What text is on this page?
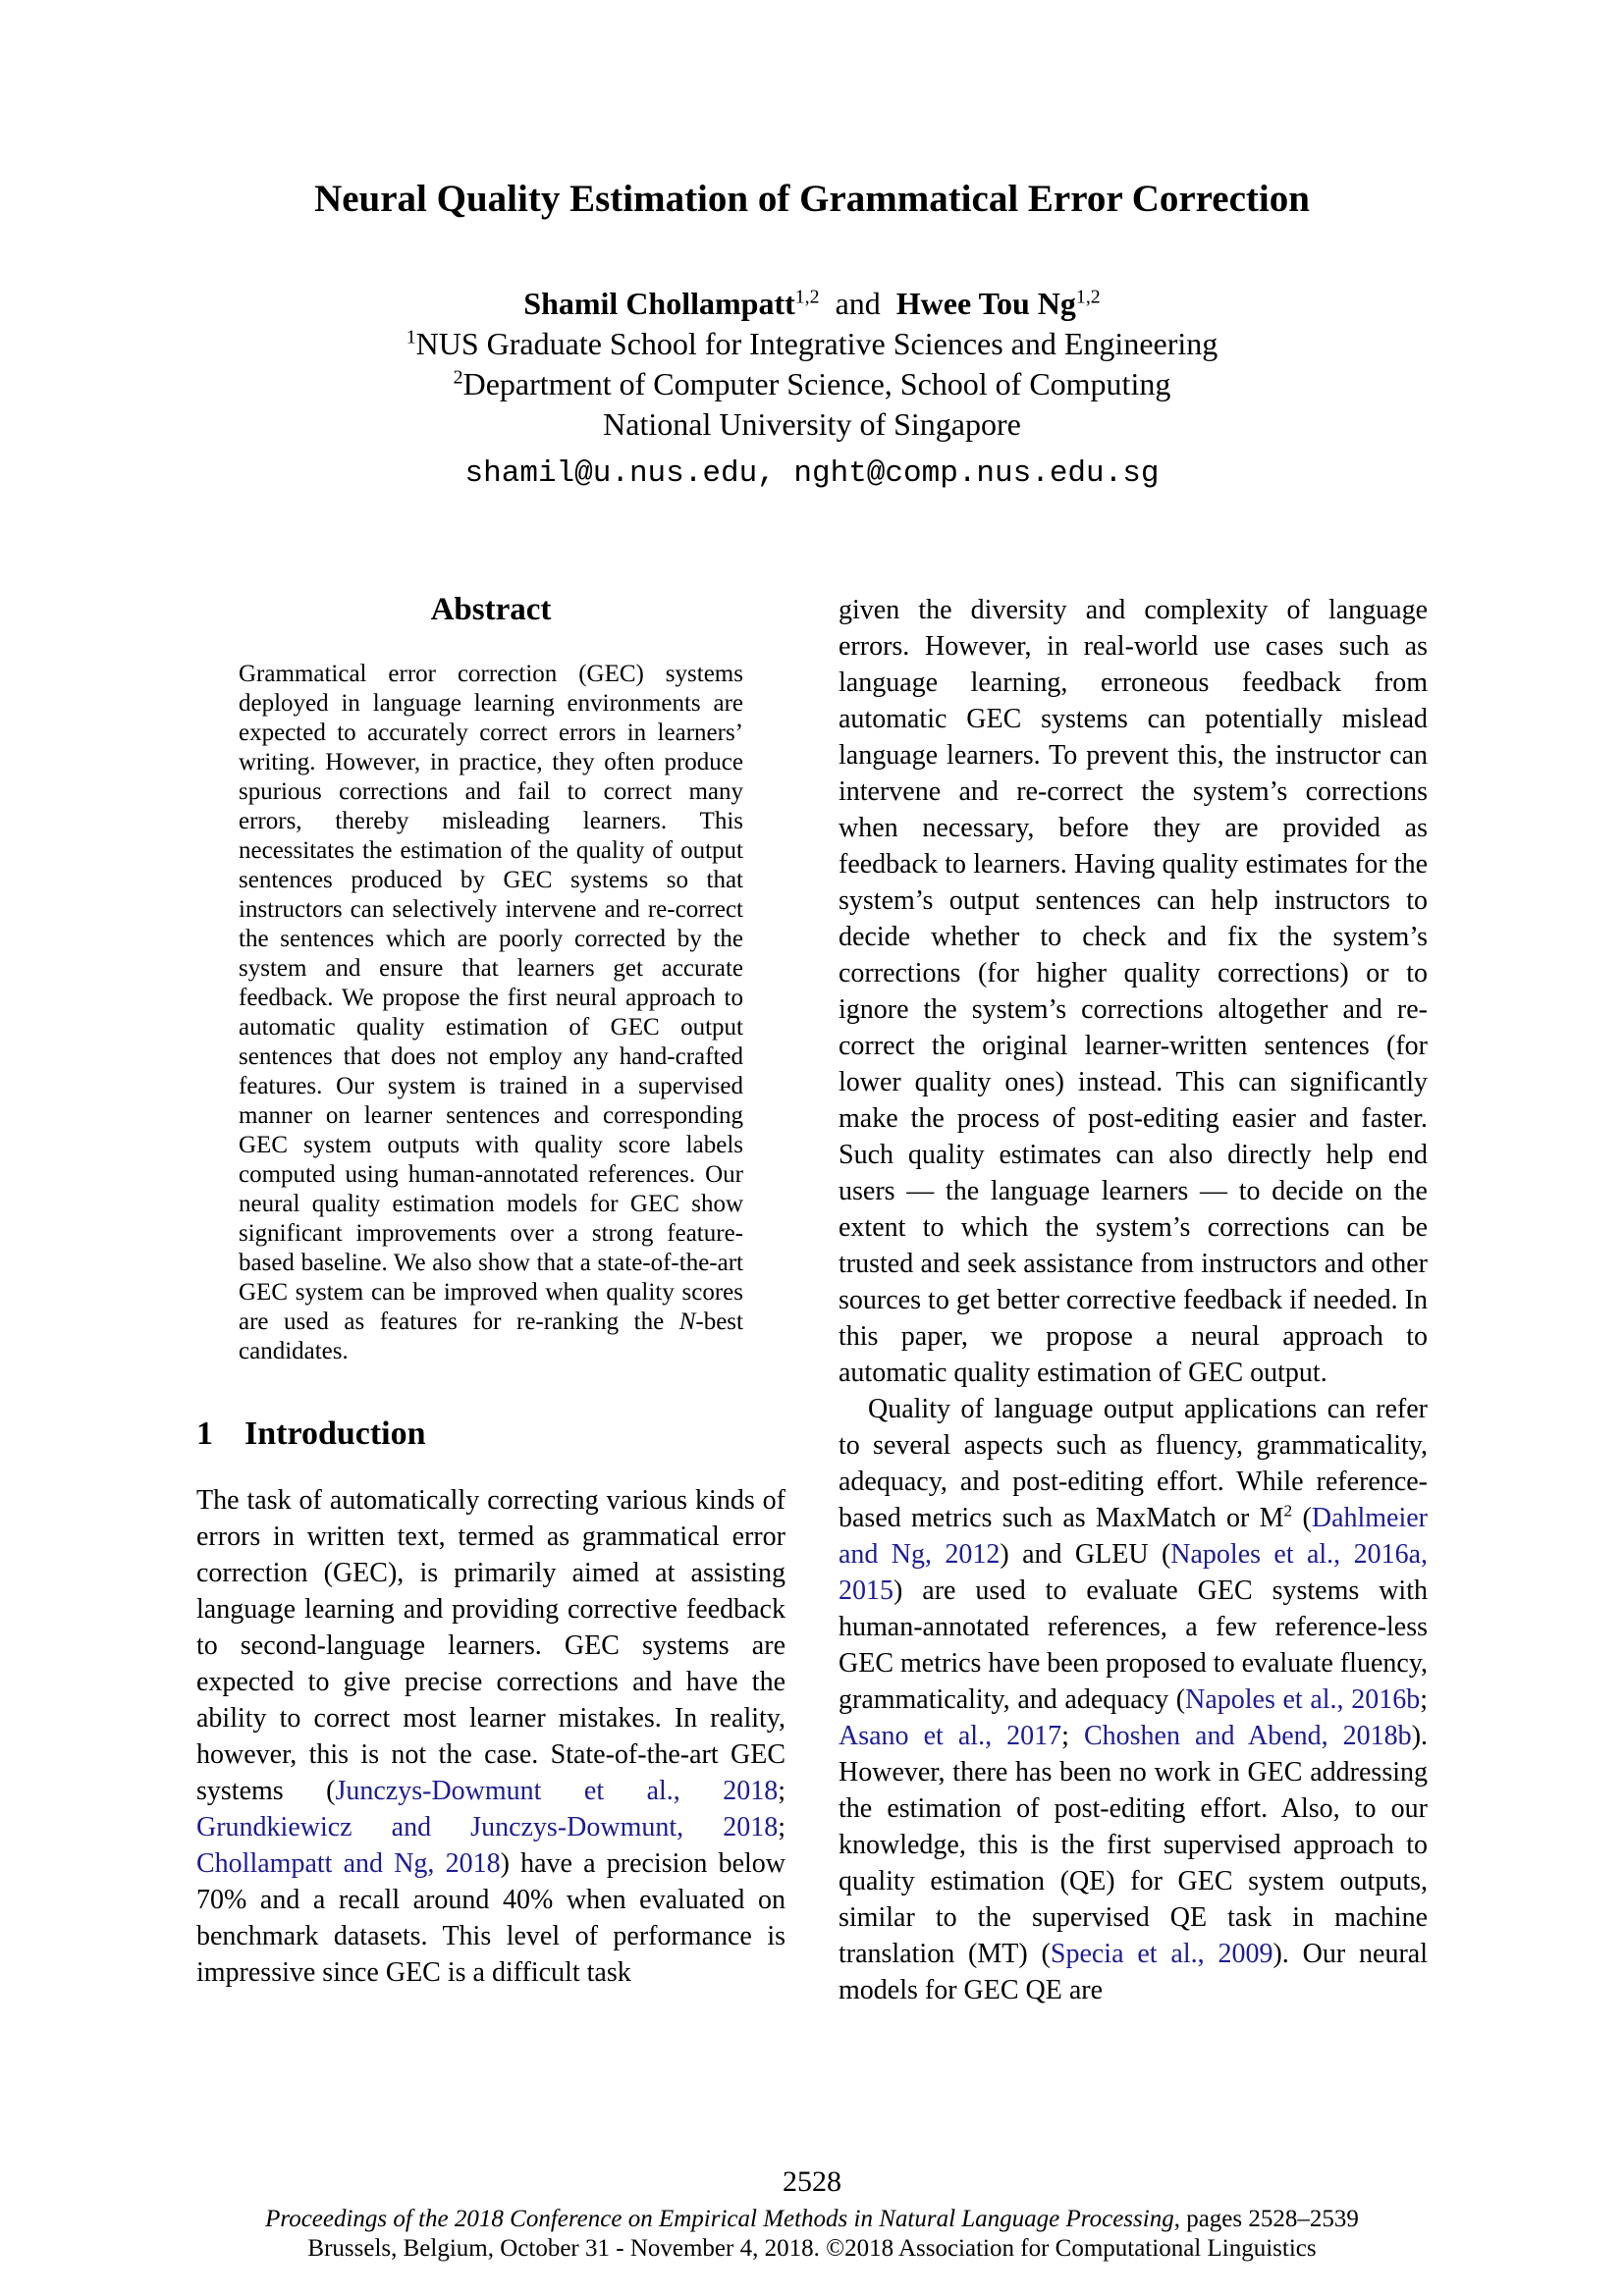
Neural Quality Estimation of Grammatical Error Correction
Shamil Chollampatt$^{1,2}$  and  Hwee Tou Ng$^{1,2}$
$^1$NUS Graduate School for Integrative Sciences and Engineering
$^2$Department of Computer Science, School of Computing
National University of Singapore
shamil@u.nus.edu, nght@comp.nus.edu.sg
Abstract

Grammatical error correction (GEC) systems deployed in language learning environments are expected to accurately correct errors in learners’ writing. However, in practice, they often produce spurious corrections and fail to correct many errors, thereby misleading learners. This necessitates the estimation of the quality of output sentences produced by GEC systems so that instructors can selectively intervene and re-correct the sentences which are poorly corrected by the system and ensure that learners get accurate feedback. We propose the first neural approach to automatic quality estimation of GEC output sentences that does not employ any hand-crafted features. Our system is trained in a supervised manner on learner sentences and corresponding GEC system outputs with quality score labels computed using human-annotated references. Our neural quality estimation models for GEC show significant improvements over a strong feature-based baseline. We also show that a state-of-the-art GEC system can be improved when quality scores are used as features for re-ranking the N-best candidates.

1 Introduction

The task of automatically correcting various kinds of errors in written text, termed as grammatical error correction (GEC), is primarily aimed at assisting language learning and providing corrective feedback to second-language learners. GEC systems are expected to give precise corrections and have the ability to correct most learner mistakes. In reality, however, this is not the case. State-of-the-art GEC systems (Junczys-Dowmunt et al., 2018; Grundkiewicz and Junczys-Dowmunt, 2018; Chollampatt and Ng, 2018) have a precision below 70% and a recall around 40% when evaluated on benchmark datasets. This level of performance is impressive since GEC is a difficult task

given the diversity and complexity of language errors. However, in real-world use cases such as language learning, erroneous feedback from automatic GEC systems can potentially mislead language learners. To prevent this, the instructor can intervene and re-correct the system’s corrections when necessary, before they are provided as feedback to learners. Having quality estimates for the system’s output sentences can help instructors to decide whether to check and fix the system’s corrections (for higher quality corrections) or to ignore the system’s corrections altogether and re-correct the original learner-written sentences (for lower quality ones) instead. This can significantly make the process of post-editing easier and faster. Such quality estimates can also directly help end users — the language learners — to decide on the extent to which the system’s corrections can be trusted and seek assistance from instructors and other sources to get better corrective feedback if needed. In this paper, we propose a neural approach to automatic quality estimation of GEC output.

Quality of language output applications can refer to several aspects such as fluency, grammaticality, adequacy, and post-editing effort. While reference-based metrics such as MaxMatch or $M^2$ (Dahlmeier and Ng, 2012) and GLEU (Napoles et al., 2016a, 2015) are used to evaluate GEC systems with human-annotated references, a few reference-less GEC metrics have been proposed to evaluate fluency, grammaticality, and adequacy (Napoles et al., 2016b; Asano et al., 2017; Choshen and Abend, 2018b). However, there has been no work in GEC addressing the estimation of post-editing effort. Also, to our knowledge, this is the first supervised approach to quality estimation (QE) for GEC system outputs, similar to the supervised QE task in machine translation (MT) (Specia et al., 2009). Our neural models for GEC QE are

2528
Proceedings of the 2018 Conference on Empirical Methods in Natural Language Processing, pages 2528–2539
Brussels, Belgium, October 31 - November 4, 2018. ©2018 Association for Computational Linguistics
